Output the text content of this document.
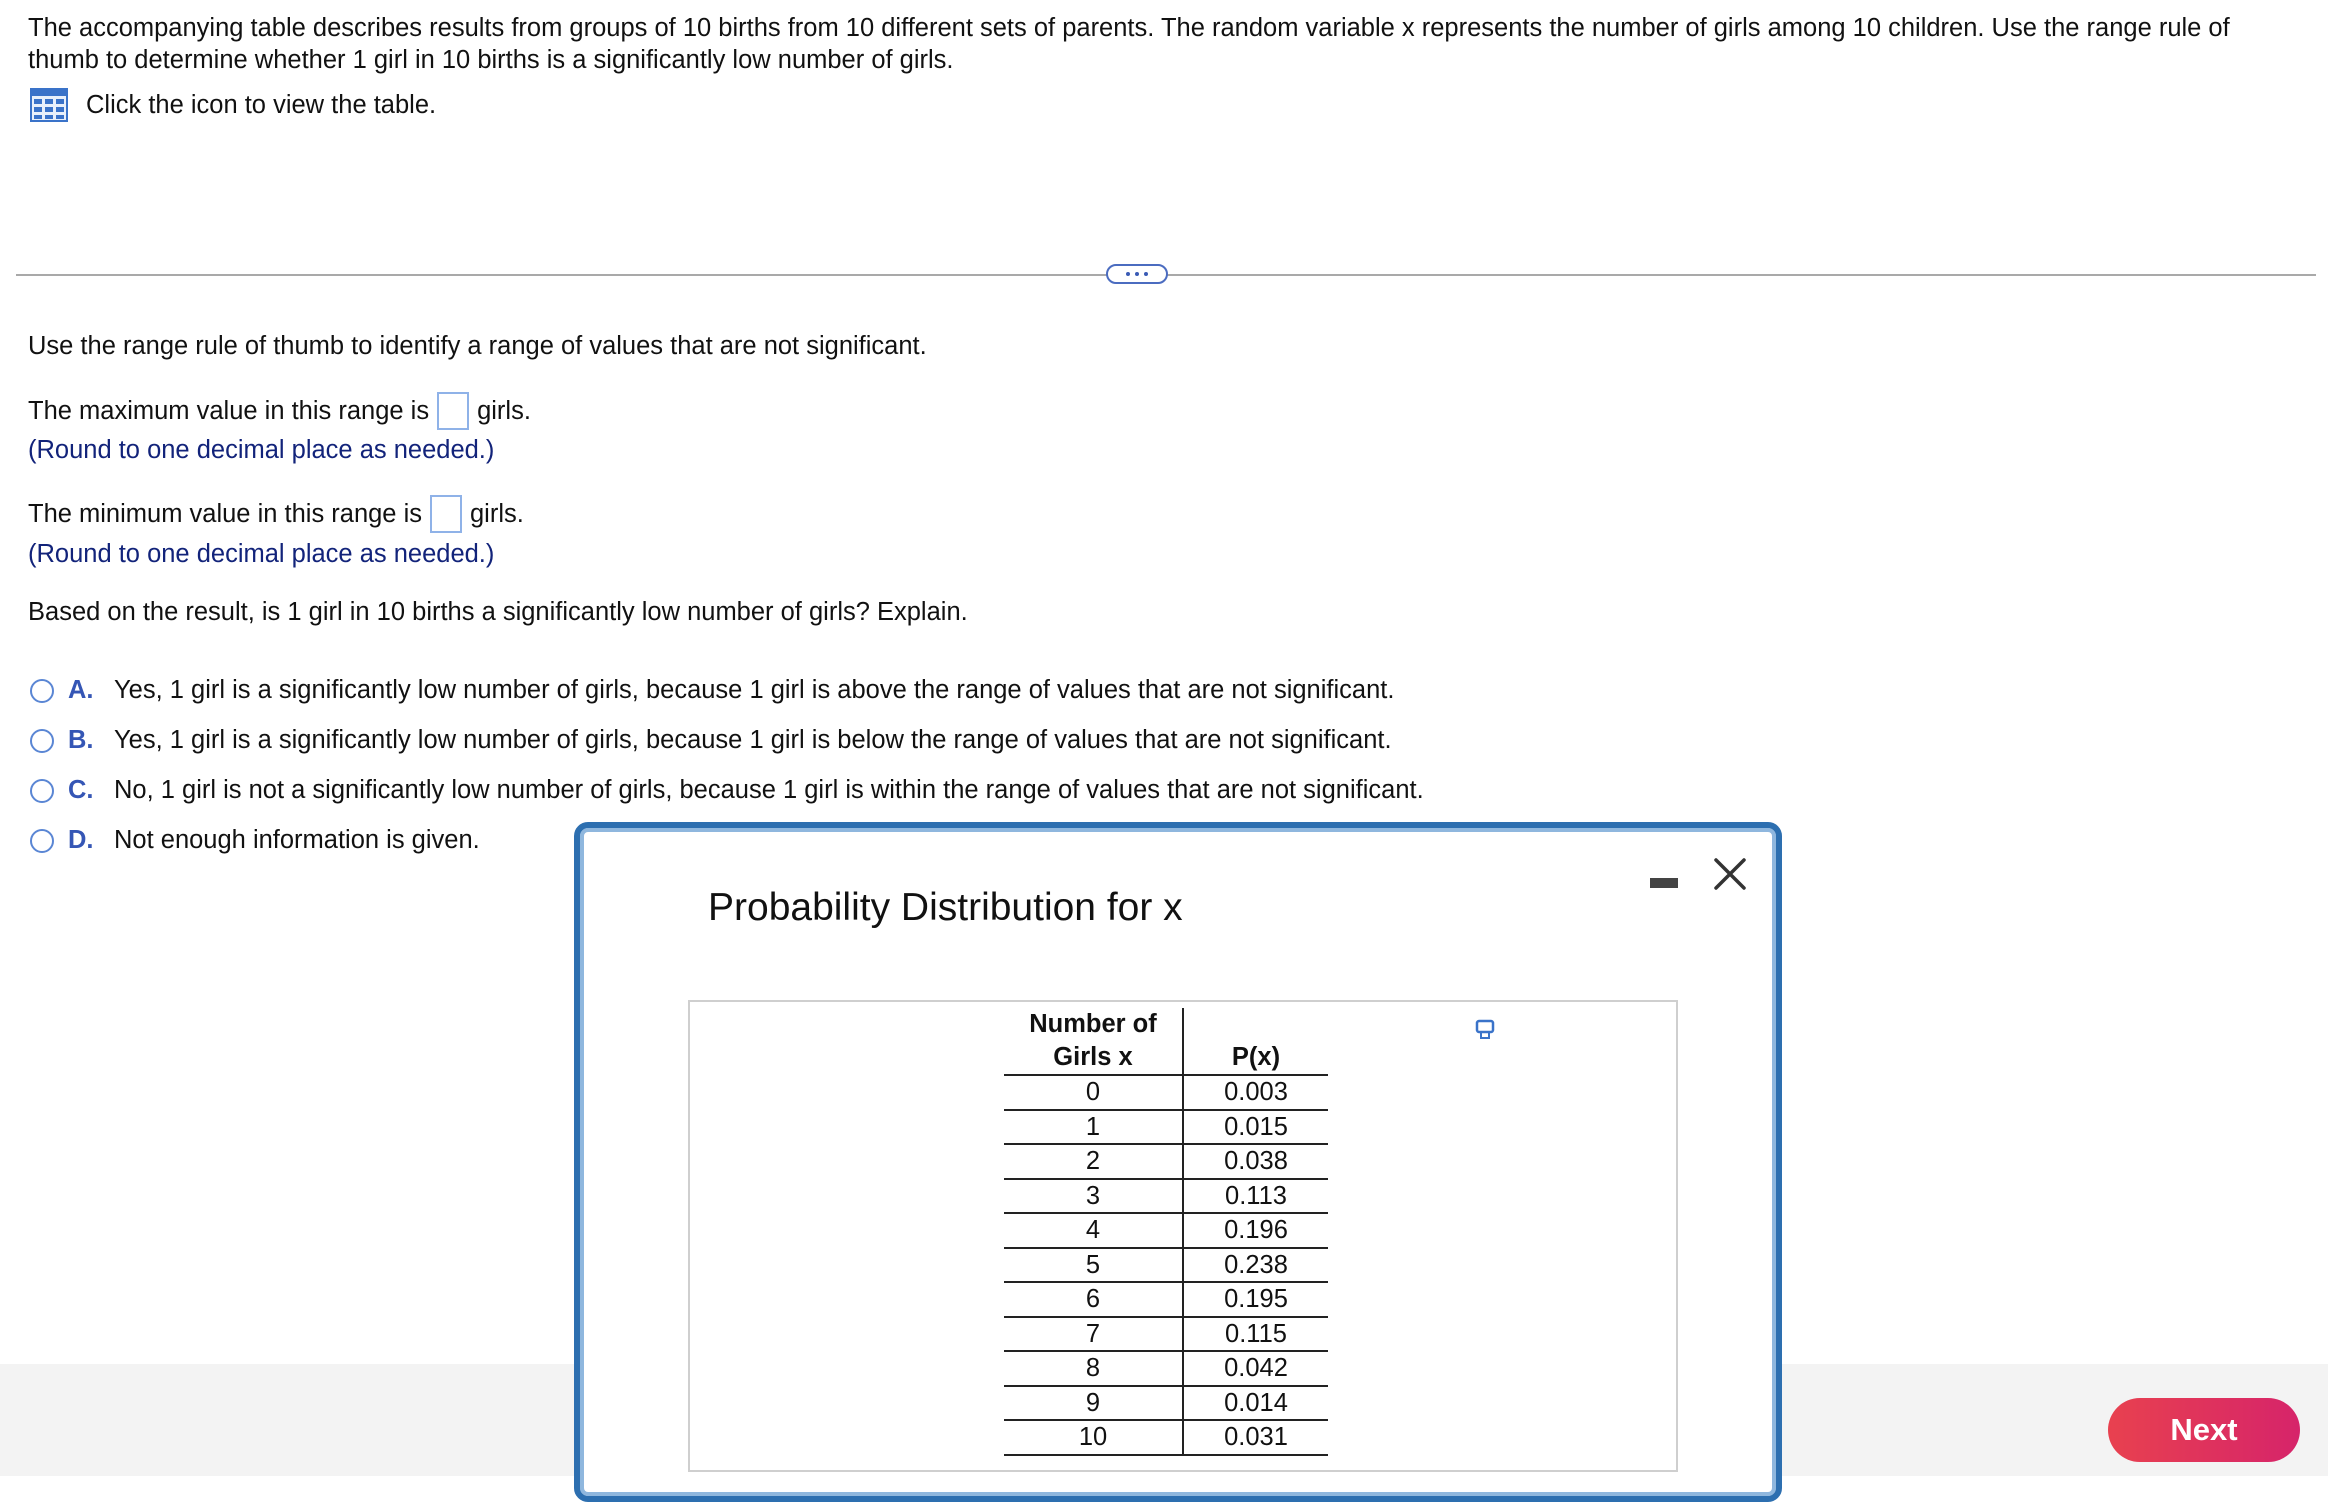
The accompanying table describes results from groups of 10 births from 10 different sets of parents. The random variable x represents the number of girls among 10 children. Use the range rule of thumb to determine whether 1 girl in 10 births is a significantly low number of girls.
Click the icon to view the table.
Use the range rule of thumb to identify a range of values that are not significant.
The maximum value in this range is girls.
(Round to one decimal place as needed.)
The minimum value in this range is girls.
(Round to one decimal place as needed.)
Based on the result, is 1 girl in 10 births a significantly low number of girls? Explain.
A. Yes, 1 girl is a significantly low number of girls, because 1 girl is above the range of values that are not significant.
B. Yes, 1 girl is a significantly low number of girls, because 1 girl is below the range of values that are not significant.
C. No, 1 girl is not a significantly low number of girls, because 1 girl is within the range of values that are not significant.
D. Not enough information is given.
Next
Probability Distribution for x
Number of
Girls x	P(x)
0	0.003
1	0.015
2	0.038
3	0.113
4	0.196
5	0.238
6	0.195
7	0.115
8	0.042
9	0.014
10	0.031
